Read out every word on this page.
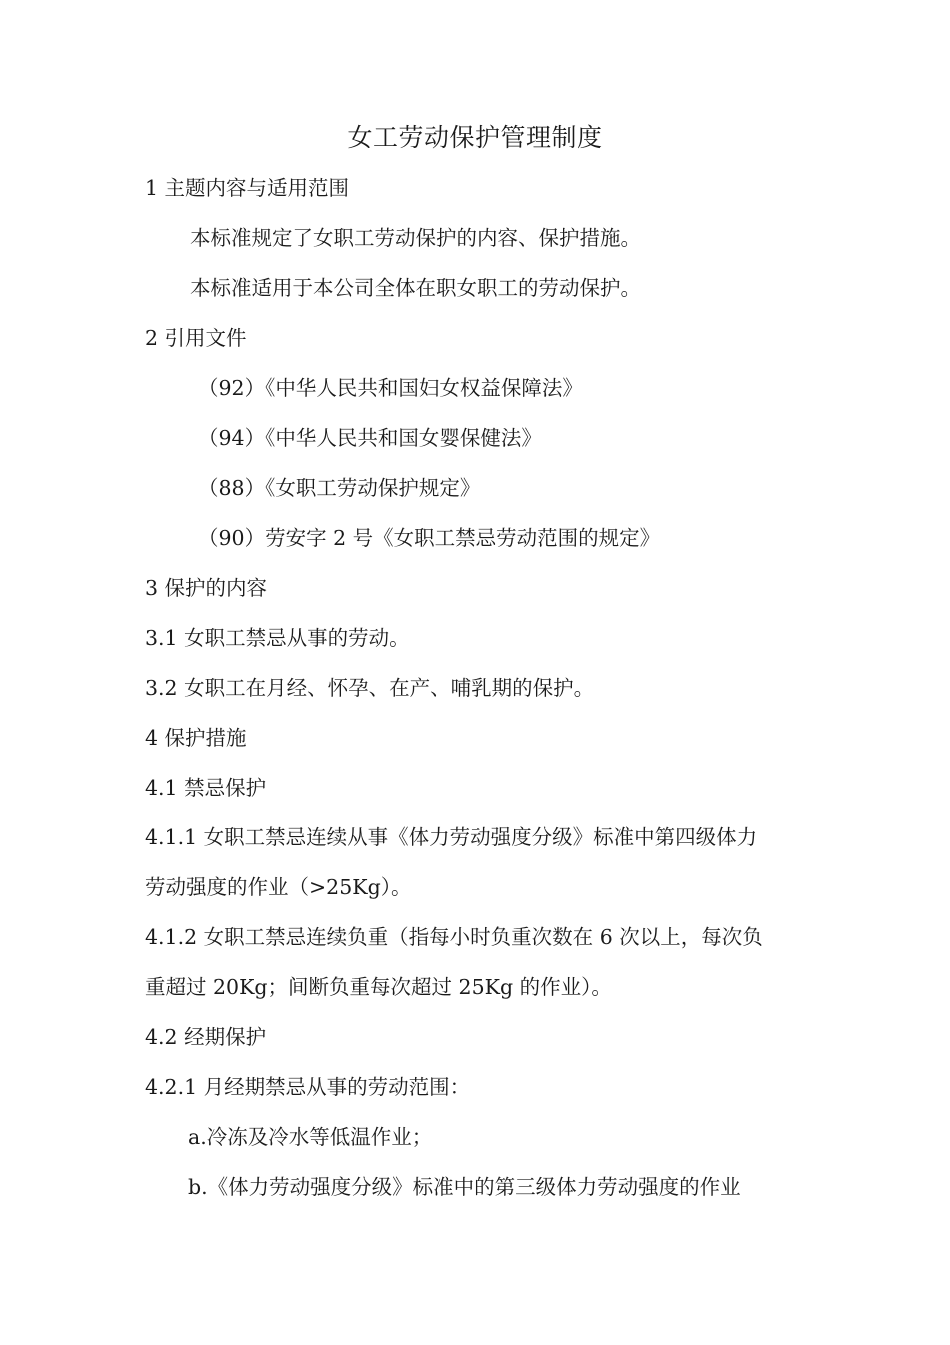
女工劳动保护管理制度
1 主题内容与适用范围
本标准规定了女职工劳动保护的内容、保护措施。
本标准适用于本公司全体在职女职工的劳动保护。
2 引用文件
（92）《中华人民共和国妇女权益保障法》
（94）《中华人民共和国女婴保健法》
（88）《女职工劳动保护规定》
（90）劳安字 2 号《女职工禁忌劳动范围的规定》
3 保护的内容
3.1 女职工禁忌从事的劳动。
3.2 女职工在月经、怀孕、在产、哺乳期的保护。
4 保护措施
4.1 禁忌保护
4.1.1 女职工禁忌连续从事《体力劳动强度分级》标准中第四级体力
劳动强度的作业（>25Kg）。
4.1.2 女职工禁忌连续负重（指每小时负重次数在 6 次以上，每次负
重超过 20Kg；间断负重每次超过 25Kg 的作业）。
4.2 经期保护
4.2.1 月经期禁忌从事的劳动范围：
a.冷冻及冷水等低温作业；
b.《体力劳动强度分级》标准中的第三级体力劳动强度的作业
